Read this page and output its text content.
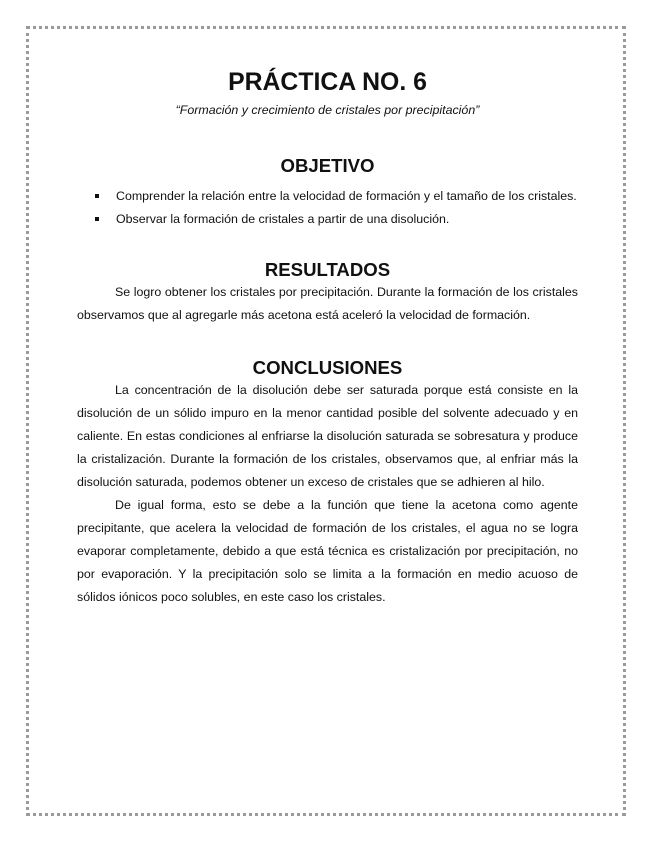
PRÁCTICA NO. 6

“Formación y crecimiento de cristales por precipitación”

OBJETIVO
Comprender la relación entre la velocidad de formación y el tamaño de los cristales.
Observar la formación de cristales a partir de una disolución.
RESULTADOS

Se logro obtener los cristales por precipitación. Durante la formación de los cristales observamos que al agregarle más acetona está aceleró la velocidad de formación.

CONCLUSIONES

La concentración de la disolución debe ser saturada porque está consiste en la disolución de un sólido impuro en la menor cantidad posible del solvente adecuado y en caliente. En estas condiciones al enfriarse la disolución saturada se sobresatura y produce la cristalización. Durante la formación de los cristales, observamos que, al enfriar más la disolución saturada, podemos obtener un exceso de cristales que se adhieren al hilo.

De igual forma, esto se debe a la función que tiene la acetona como agente precipitante, que acelera la velocidad de formación de los cristales, el agua no se logra evaporar completamente, debido a que está técnica es cristalización por precipitación, no por evaporación. Y la precipitación solo se limita a la formación en medio acuoso de sólidos iónicos poco solubles, en este caso los cristales.
